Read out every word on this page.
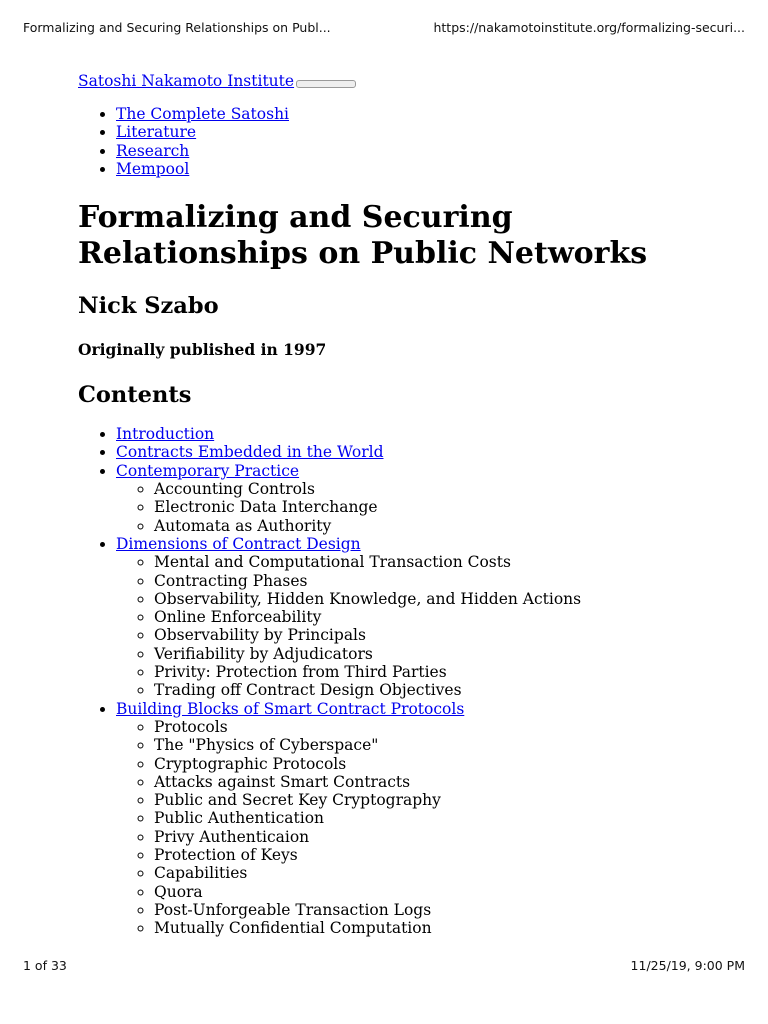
Formalizing and Securing Relationships on Publ...	https://nakamotoinstitute.org/formalizing-securi...
Satoshi Nakamoto Institute
• The Complete Satoshi
• Literature
• Research
• Mempool
Formalizing and Securing Relationships on Public Networks
Nick Szabo
Originally published in 1997
Contents
• Introduction
• Contracts Embedded in the World
• Contemporary Practice
◦ Accounting Controls
◦ Electronic Data Interchange
◦ Automata as Authority
• Dimensions of Contract Design
◦ Mental and Computational Transaction Costs
◦ Contracting Phases
◦ Observability, Hidden Knowledge, and Hidden Actions
◦ Online Enforceability
◦ Observability by Principals
◦ Verifiability by Adjudicators
◦ Privity: Protection from Third Parties
◦ Trading off Contract Design Objectives
• Building Blocks of Smart Contract Protocols
◦ Protocols
◦ The "Physics of Cyberspace"
◦ Cryptographic Protocols
◦ Attacks against Smart Contracts
◦ Public and Secret Key Cryptography
◦ Public Authentication
◦ Privy Authenticaion
◦ Protection of Keys
◦ Capabilities
◦ Quora
◦ Post-Unforgeable Transaction Logs
◦ Mutually Confidential Computation
1 of 33	11/25/19, 9:00 PM
